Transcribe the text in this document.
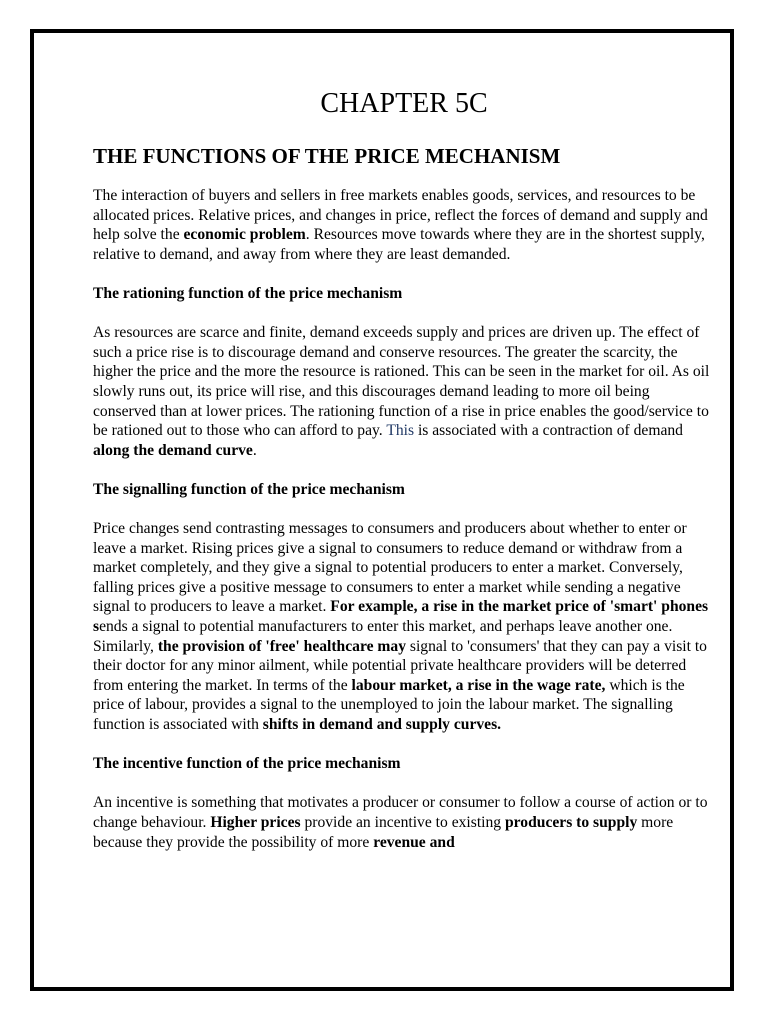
CHAPTER 5C
THE FUNCTIONS OF THE PRICE MECHANISM

The interaction of buyers and sellers in free markets enables goods, services, and resources to be allocated prices. Relative prices, and changes in price, reflect the forces of demand and supply and help solve the economic problem. Resources move towards where they are in the shortest supply, relative to demand, and away from where they are least demanded.

The rationing function of the price mechanism

As resources are scarce and finite, demand exceeds supply and prices are driven up. The effect of such a price rise is to discourage demand and conserve resources. The greater the scarcity, the higher the price and the more the resource is rationed. This can be seen in the market for oil. As oil slowly runs out, its price will rise, and this discourages demand leading to more oil being conserved than at lower prices. The rationing function of a rise in price enables the good/service to be rationed out to those who can afford to pay. This is associated with a contraction of demand along the demand curve.

The signalling function of the price mechanism

Price changes send contrasting messages to consumers and producers about whether to enter or leave a market. Rising prices give a signal to consumers to reduce demand or withdraw from a market completely, and they give a signal to potential producers to enter a market. Conversely, falling prices give a positive message to consumers to enter a market while sending a negative signal to producers to leave a market. For example, a rise in the market price of 'smart' phones sends a signal to potential manufacturers to enter this market, and perhaps leave another one. Similarly, the provision of 'free' healthcare may signal to 'consumers' that they can pay a visit to their doctor for any minor ailment, while potential private healthcare providers will be deterred from entering the market. In terms of the labour market, a rise in the wage rate, which is the price of labour, provides a signal to the unemployed to join the labour market. The signalling function is associated with shifts in demand and supply curves.

The incentive function of the price mechanism

An incentive is something that motivates a producer or consumer to follow a course of action or to change behaviour. Higher prices provide an incentive to existing producers to supply more because they provide the possibility of more revenue and
